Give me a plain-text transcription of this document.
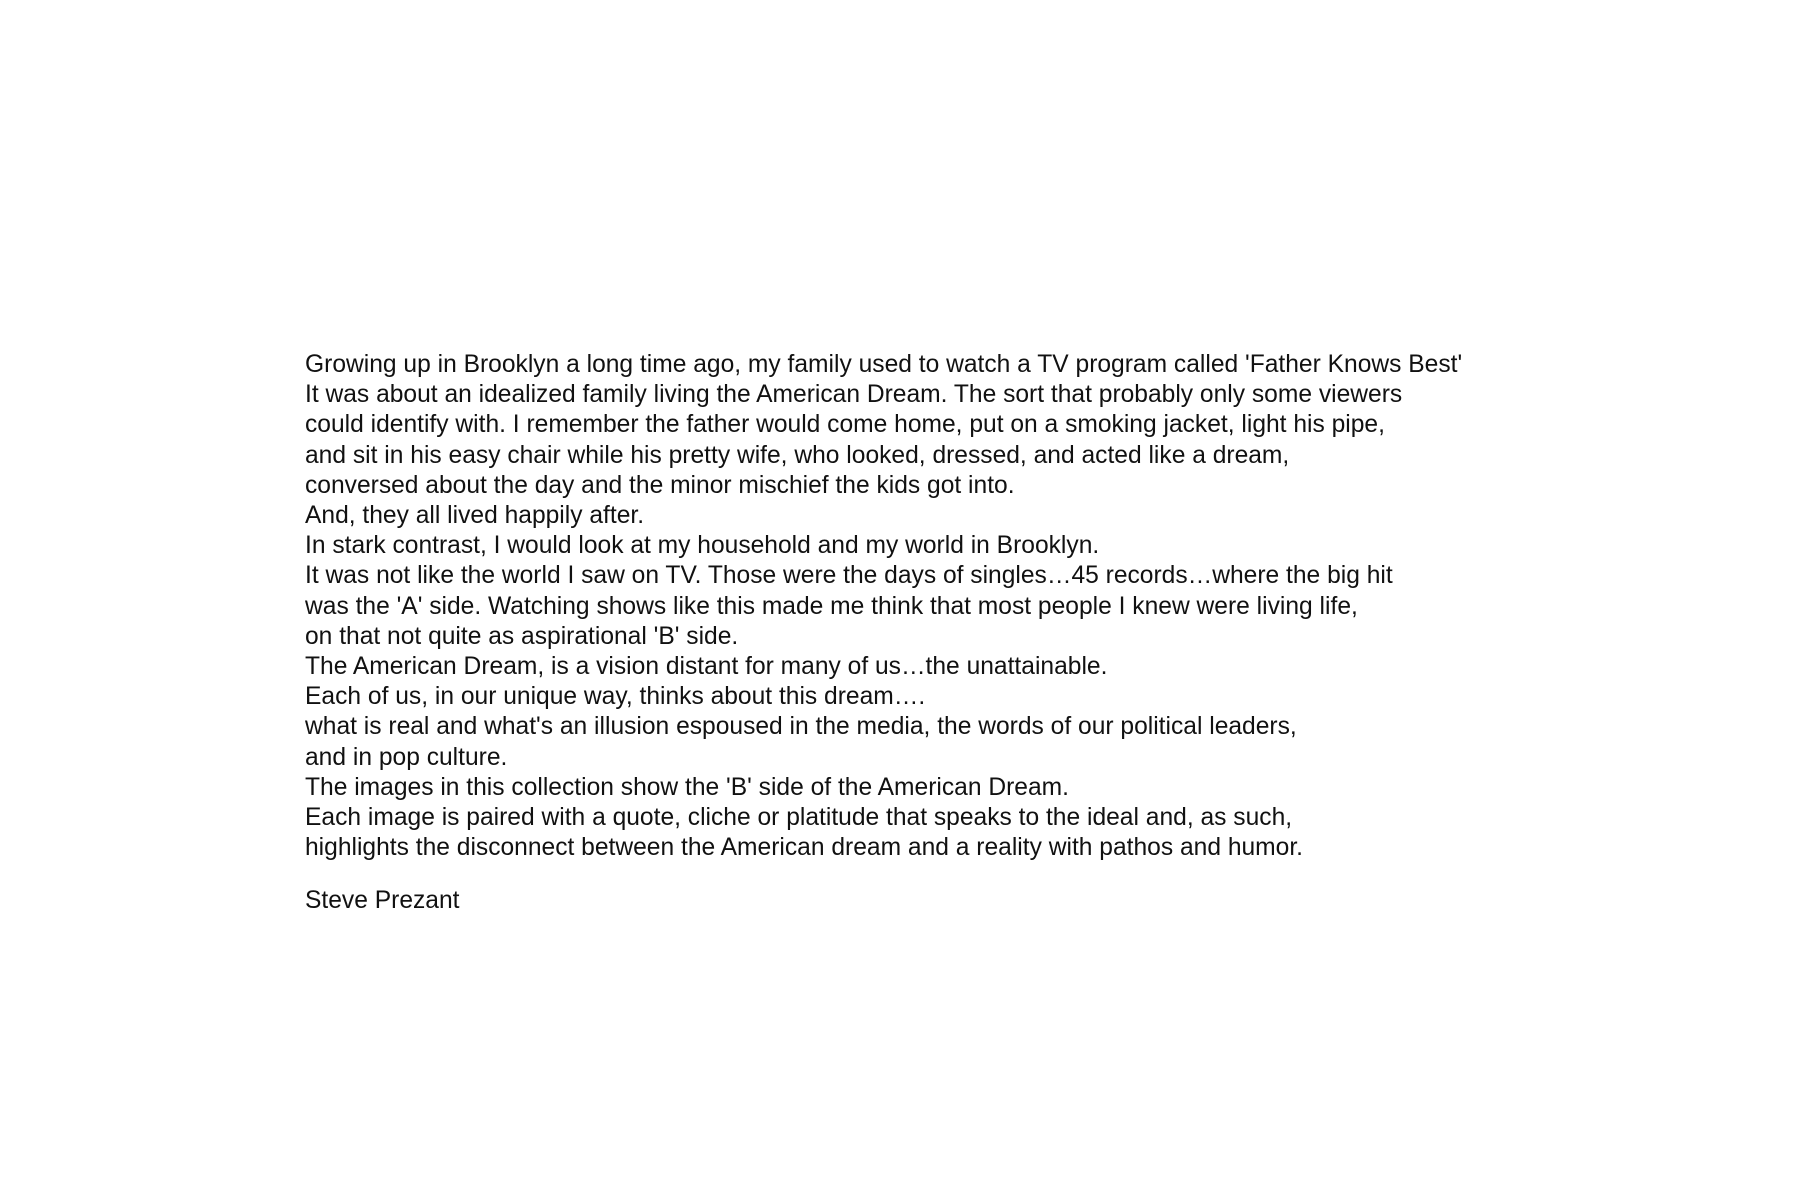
Growing up in Brooklyn a long time ago, my family used to watch a TV program called 'Father Knows Best'
It was about an idealized family living the American Dream. The sort that probably only some viewers
could identify with. I remember the father would come home, put on a smoking jacket, light his pipe,
and sit in his easy chair while his pretty wife, who looked, dressed, and acted like a dream,
conversed about the day and the minor mischief the kids got into.
And, they all lived happily after.
In stark contrast, I would look at my household and my world in Brooklyn.
It was not like the world I saw on TV. Those were the days of singles…45 records…where the big hit
was the 'A' side. Watching shows like this made me think that most people I knew were living life,
on that not quite as aspirational 'B' side.
The American Dream, is a vision distant for many of us…the unattainable.
Each of us, in our unique way, thinks about this dream….
what is real and what's an illusion espoused in the media, the words of our political leaders,
and in pop culture.
The images in this collection show the 'B' side of the American Dream.
Each image is paired with a quote, cliche or platitude that speaks to the ideal and, as such,
highlights the disconnect between the American dream and a reality with pathos and humor.
Steve Prezant
